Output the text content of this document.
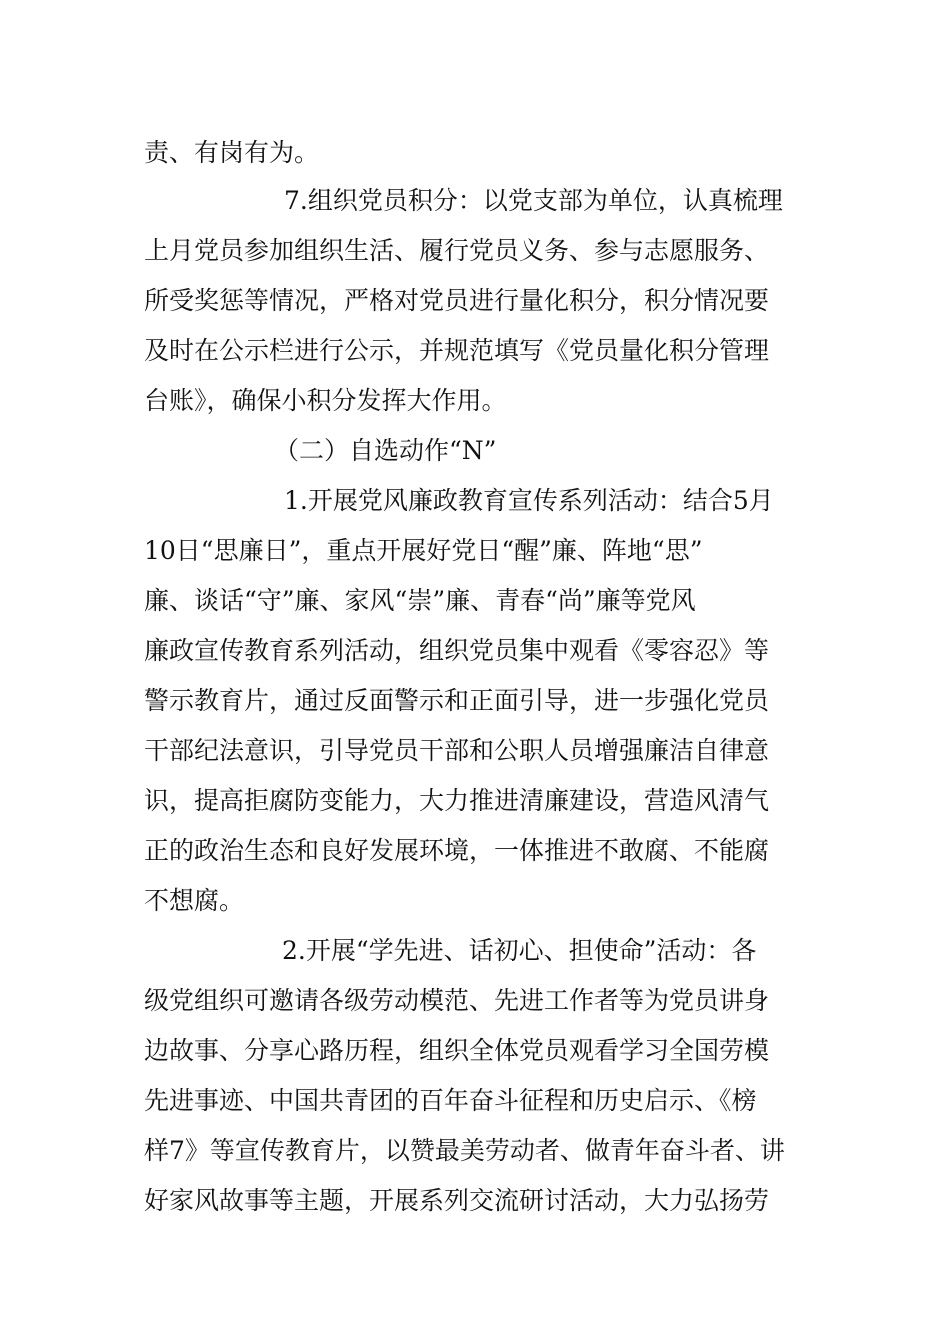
责、有岗有为。
7.组织党员积分：以党支部为单位，认真梳理
上月党员参加组织生活、履行党员义务、参与志愿服务、
所受奖惩等情况，严格对党员进行量化积分，积分情况要
及时在公示栏进行公示，并规范填写《党员量化积分管理
台账》，确保小积分发挥大作用。
（二）自选动作“N”
1.开展党风廉政教育宣传系列活动：结合5月
10日“思廉日”，重点开展好党日“醒”廉、阵地“思”
廉、谈话“守”廉、家风“崇”廉、青春“尚”廉等党风
廉政宣传教育系列活动，组织党员集中观看《零容忍》等
警示教育片，通过反面警示和正面引导，进一步强化党员
干部纪法意识，引导党员干部和公职人员增强廉洁自律意
识，提高拒腐防变能力，大力推进清廉建设，营造风清气
正的政治生态和良好发展环境，一体推进不敢腐、不能腐
不想腐。
2.开展“学先进、话初心、担使命”活动：各
级党组织可邀请各级劳动模范、先进工作者等为党员讲身
边故事、分享心路历程，组织全体党员观看学习全国劳模
先进事迹、中国共青团的百年奋斗征程和历史启示、《榜
样7》等宣传教育片，以赞最美劳动者、做青年奋斗者、讲
好家风故事等主题，开展系列交流研讨活动，大力弘扬劳
